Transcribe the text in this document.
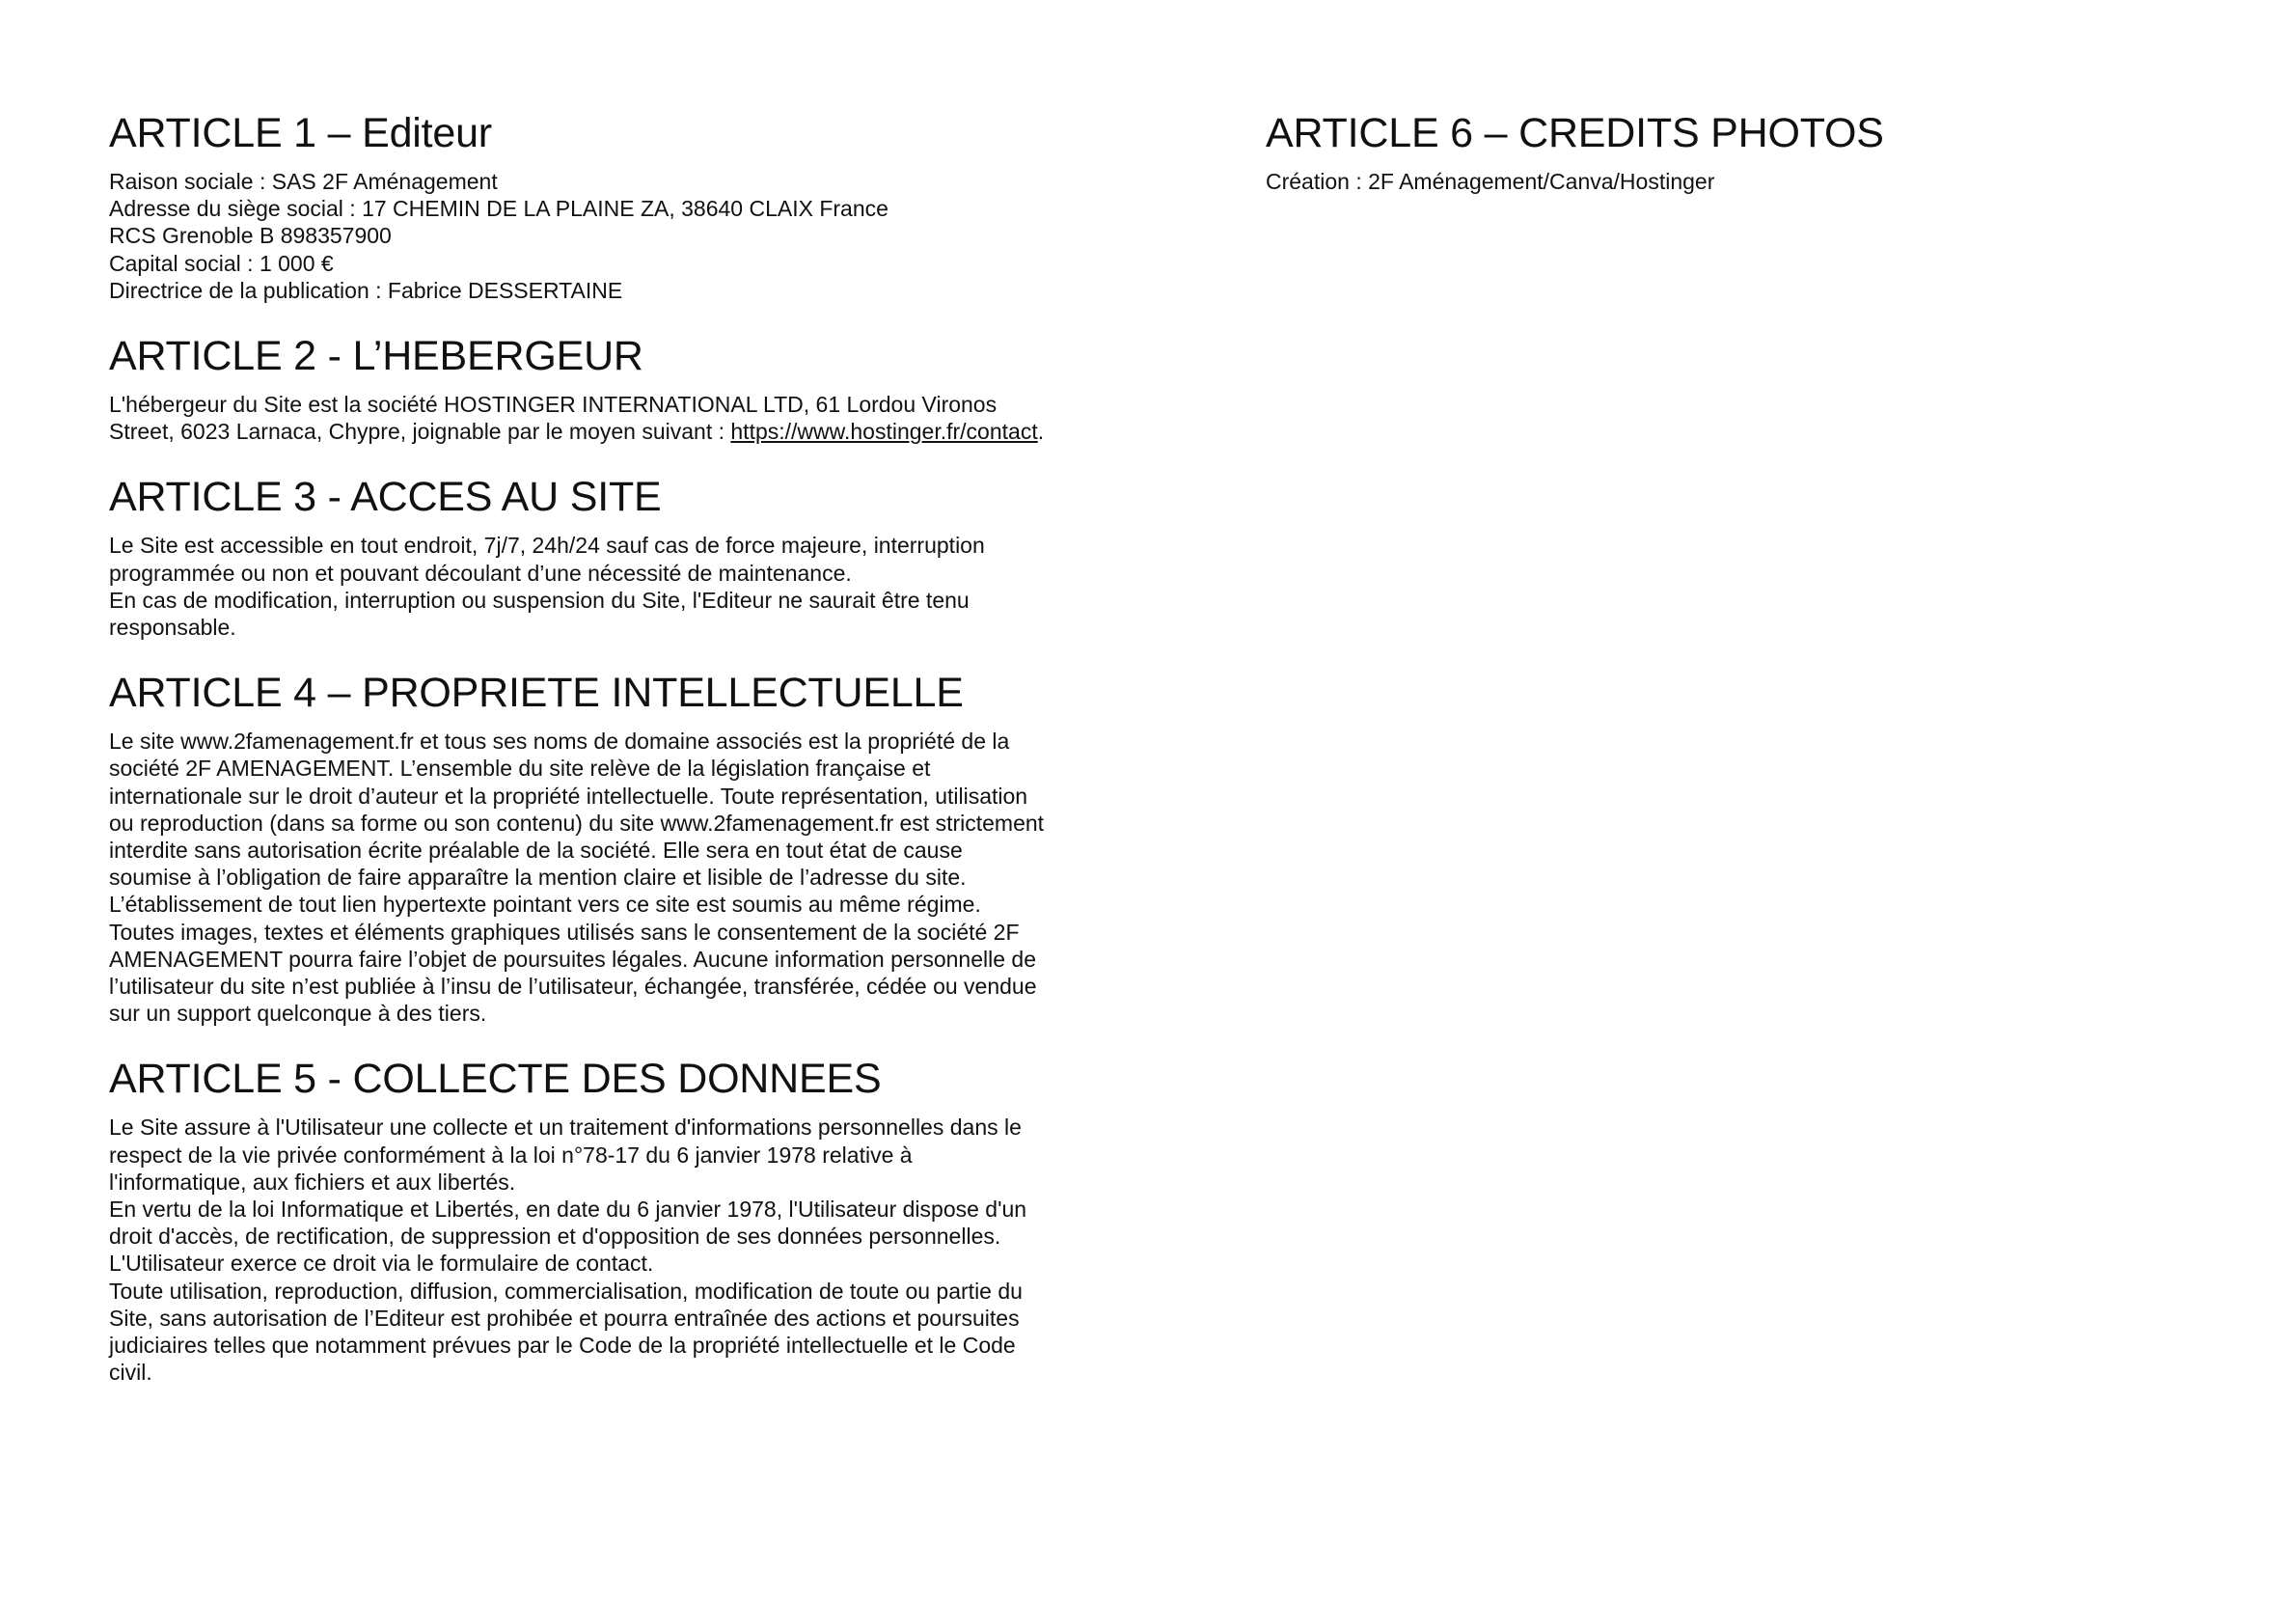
ARTICLE 1 – Editeur

Raison sociale : SAS 2F Aménagement

Adresse du siège social : 17 CHEMIN DE LA PLAINE ZA, 38640 CLAIX France

RCS Grenoble B 898357900

Capital social : 1 000 €

Directrice de la publication : Fabrice DESSERTAINE

ARTICLE 2 - L’HEBERGEUR

L'hébergeur du Site est la société HOSTINGER INTERNATIONAL LTD, 61 Lordou Vironos Street, 6023 Larnaca, Chypre, joignable par le moyen suivant : https://www.hostinger.fr/contact.

ARTICLE 3 - ACCES AU SITE

Le Site est accessible en tout endroit, 7j/7, 24h/24 sauf cas de force majeure, interruption programmée ou non et pouvant découlant d’une nécessité de maintenance.

En cas de modification, interruption ou suspension du Site, l'Editeur ne saurait être tenu responsable.

ARTICLE 4 – PROPRIETE INTELLECTUELLE

Le site www.2famenagement.fr et tous ses noms de domaine associés est la propriété de la société 2F AMENAGEMENT. L’ensemble du site relève de la législation française et internationale sur le droit d’auteur et la propriété intellectuelle. Toute représentation, utilisation ou reproduction (dans sa forme ou son contenu) du site www.2famenagement.fr est strictement interdite sans autorisation écrite préalable de la société. Elle sera en tout état de cause soumise à l’obligation de faire apparaître la mention claire et lisible de l’adresse du site. L’établissement de tout lien hypertexte pointant vers ce site est soumis au même régime. Toutes images, textes et éléments graphiques utilisés sans le consentement de la société 2F AMENAGEMENT pourra faire l’objet de poursuites légales. Aucune information personnelle de l’utilisateur du site n’est publiée à l’insu de l’utilisateur, échangée, transférée, cédée ou vendue sur un support quelconque à des tiers.

ARTICLE 5 - COLLECTE DES DONNEES

Le Site assure à l'Utilisateur une collecte et un traitement d'informations personnelles dans le respect de la vie privée conformément à la loi n°78-17 du 6 janvier 1978 relative à l'informatique, aux fichiers et aux libertés.

En vertu de la loi Informatique et Libertés, en date du 6 janvier 1978, l'Utilisateur dispose d'un droit d'accès, de rectification, de suppression et d'opposition de ses données personnelles. L'Utilisateur exerce ce droit via le formulaire de contact.

Toute utilisation, reproduction, diffusion, commercialisation, modification de toute ou partie du Site, sans autorisation de l’Editeur est prohibée et pourra entraînée des actions et poursuites judiciaires telles que notamment prévues par le Code de la propriété intellectuelle et le Code civil.

ARTICLE 6 – CREDITS PHOTOS

Création : 2F Aménagement/Canva/Hostinger
